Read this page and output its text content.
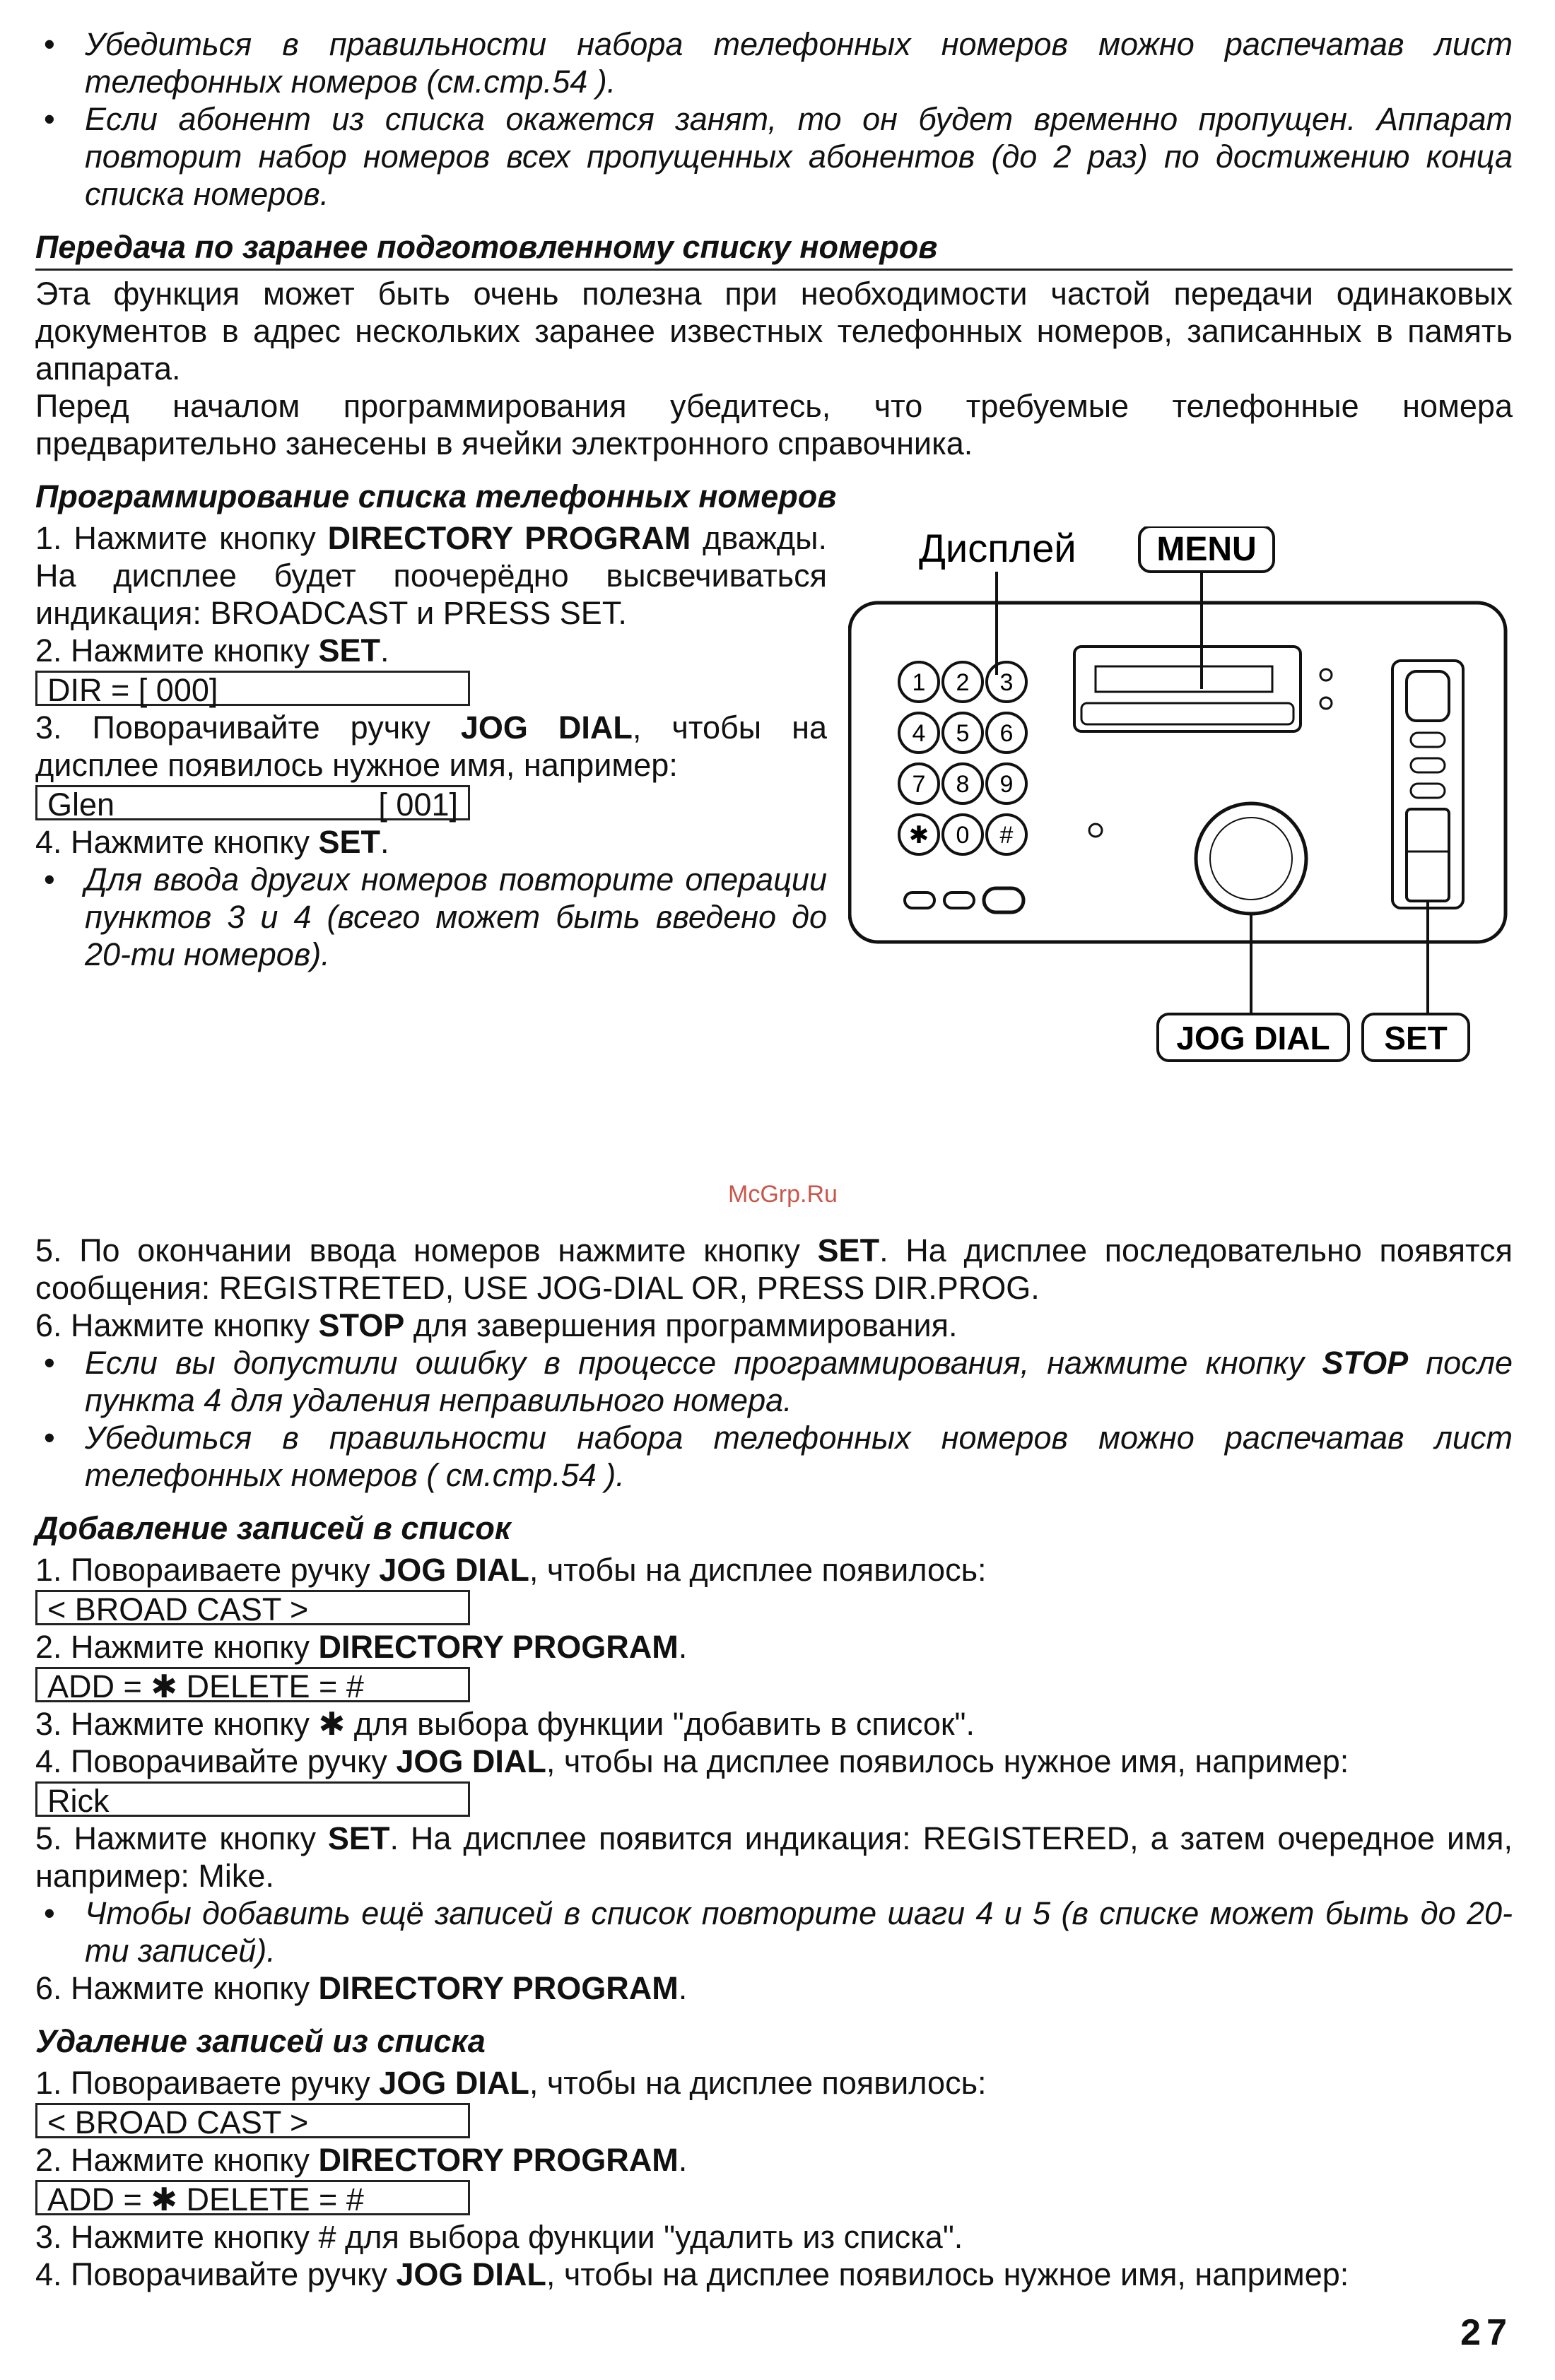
• Убедиться в правильности набора телефонных номеров можно распечатав лист телефонных номеров (см.стр.54 ).

• Если абонент из списка окажется занят, то он будет временно пропущен. Аппарат повторит набор номеров всех пропущенных абонентов (до 2 раз) по достижению конца списка номеров.

Передача по заранее подготовленному списку номеров

Эта функция может быть очень полезна при необходимости частой передачи одинаковых документов в адрес нескольких заранее известных телефонных номеров, записанных в память аппарата.

Перед началом программирования убедитесь, что требуемые телефонные номера предварительно занесены в ячейки электронного справочника.

Программирование списка телефонных номеров

1. Нажмите кнопку DIRECTORY PROGRAM дважды. На дисплее будет поочерёдно высвечиваться индикация: BROADCAST и PRESS SET.

2. Нажмите кнопку SET.

DIR = [ 000]

3. Поворачивайте ручку JOG DIAL, чтобы на дисплее появилось нужное имя, например:

Glen	[ 001]

4. Нажмите кнопку SET.

• Для ввода других номеров повторите операции пунктов 3 и 4 (всего может быть введено до 20-ти номеров).

Дисплей MENU
1 2 3
4 5 6
7 8 9
✱ 0 #
JOG DIAL SET

5. По окончании ввода номеров нажмите кнопку SET. На дисплее последовательно появятся сообщения: REGISTRETED, USE JOG-DIAL OR, PRESS DIR.PROG.

6. Нажмите кнопку STOP для завершения программирования.

• Если вы допустили ошибку в процессе программирования, нажмите кнопку STOP после пункта 4 для удаления неправильного номера.

• Убедиться в правильности набора телефонных номеров можно распечатав лист телефонных номеров ( см.стр.54 ).

Добавление записей в список

1. Повораиваете ручку JOG DIAL, чтобы на дисплее появилось:

< BROAD CAST >

2. Нажмите кнопку DIRECTORY PROGRAM.

ADD = ✱ DELETE = #

3. Нажмите кнопку ✱ для выбора функции "добавить в список".

4. Поворачивайте ручку JOG DIAL, чтобы на дисплее появилось нужное имя, например:

Rick

5. Нажмите кнопку SET. На дисплее появится индикация: REGISTERED, а затем очередное имя, например: Mike.

• Чтобы добавить ещё записей в список повторите шаги 4 и 5 (в списке может быть до 20-ти записей).

6. Нажмите кнопку DIRECTORY PROGRAM.

Удаление записей из списка

1. Повораиваете ручку JOG DIAL, чтобы на дисплее появилось:

< BROAD CAST >

2. Нажмите кнопку DIRECTORY PROGRAM.

ADD = ✱ DELETE = #

3. Нажмите кнопку # для выбора функции "удалить из списка".

4. Поворачивайте ручку JOG DIAL, чтобы на дисплее появилось нужное имя, например:

McGrp.Ru
27
